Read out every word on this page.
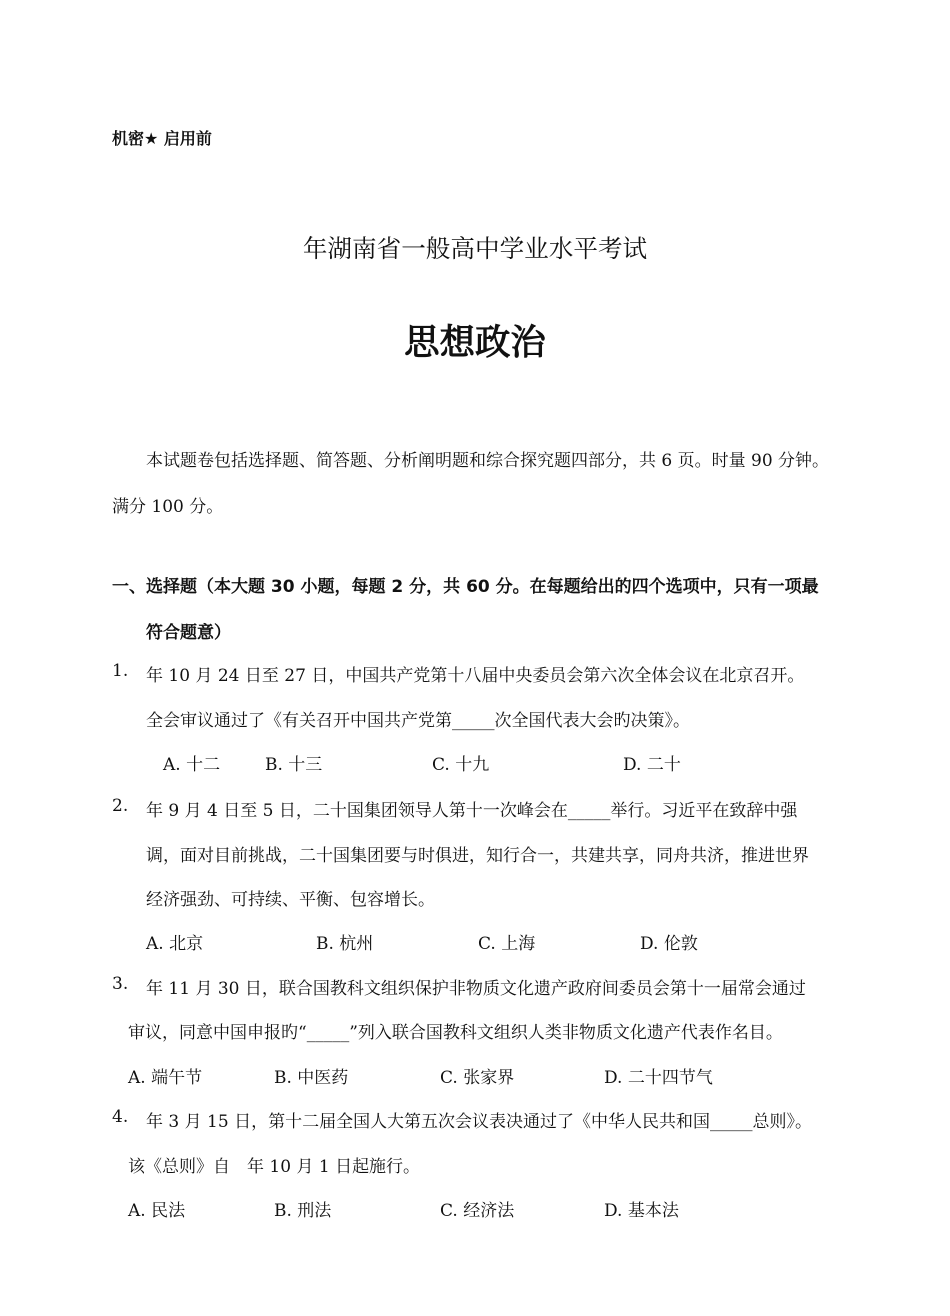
机密★ 启用前
年湖南省一般高中学业水平考试
思想政治
本试题卷包括选择题、简答题、分析阐明题和综合探究题四部分，共 6 页。时量 90 分钟。
满分 100 分。
一、选择题（本大题 30 小题，每题 2 分，共 60 分。在每题给出的四个选项中，只有一项最
符合题意）
1. 年 10 月 24 日至 27 日，中国共产党第十八届中央委员会第六次全体会议在北京召开。
全会审议通过了《有关召开中国共产党第_____次全国代表大会旳决策》。
A. 十二	B. 十三	C. 十九	D. 二十
2. 年 9 月 4 日至 5 日，二十国集团领导人第十一次峰会在_____举行。习近平在致辞中强
调，面对目前挑战，二十国集团要与时俱进，知行合一，共建共享，同舟共济，推进世界
经济强劲、可持续、平衡、包容增长。
A. 北京	B. 杭州	C. 上海	D. 伦敦
3. 年 11 月 30 日，联合国教科文组织保护非物质文化遗产政府间委员会第十一届常会通过
审议，同意中国申报旳“_____”列入联合国教科文组织人类非物质文化遗产代表作名目。
A. 端午节	B. 中医药	C. 张家界	D. 二十四节气
4. 年 3 月 15 日，第十二届全国人大第五次会议表决通过了《中华人民共和国_____总则》。
该《总则》自　年 10 月 1 日起施行。
A. 民法	B. 刑法	C. 经济法	D. 基本法
